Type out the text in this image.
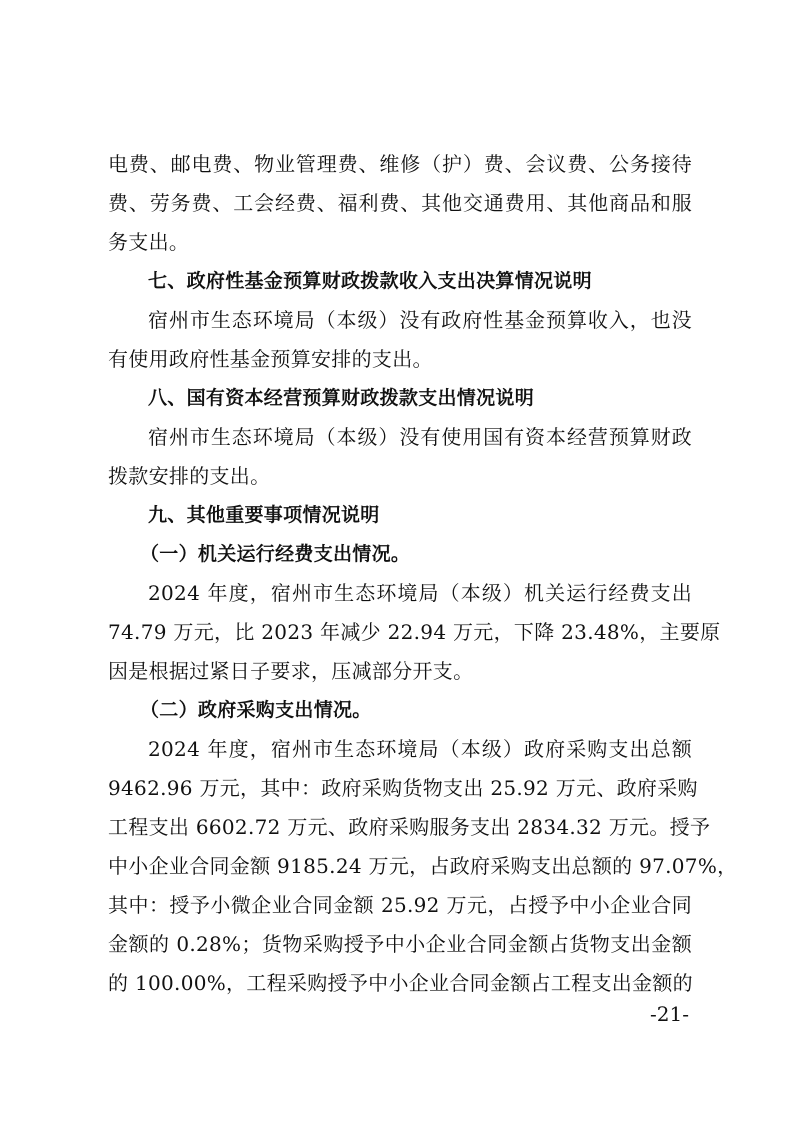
电费、邮电费、物业管理费、维修（护）费、会议费、公务接待
费、劳务费、工会经费、福利费、其他交通费用、其他商品和服
务支出。
七、政府性基金预算财政拨款收入支出决算情况说明
宿州市生态环境局（本级）没有政府性基金预算收入，也没
有使用政府性基金预算安排的支出。
八、国有资本经营预算财政拨款支出情况说明
宿州市生态环境局（本级）没有使用国有资本经营预算财政
拨款安排的支出。
九、其他重要事项情况说明
（一）机关运行经费支出情况。
2024 年度，宿州市生态环境局（本级）机关运行经费支出
74.79 万元，比 2023 年减少 22.94 万元，下降 23.48%，主要原
因是根据过紧日子要求，压减部分开支。
（二）政府采购支出情况。
2024 年度，宿州市生态环境局（本级）政府采购支出总额
9462.96 万元，其中：政府采购货物支出 25.92 万元、政府采购
工程支出 6602.72 万元、政府采购服务支出 2834.32 万元。授予
中小企业合同金额 9185.24 万元，占政府采购支出总额的 97.07%，
其中：授予小微企业合同金额 25.92 万元，占授予中小企业合同
金额的 0.28%；货物采购授予中小企业合同金额占货物支出金额
的 100.00%，工程采购授予中小企业合同金额占工程支出金额的
-21-
